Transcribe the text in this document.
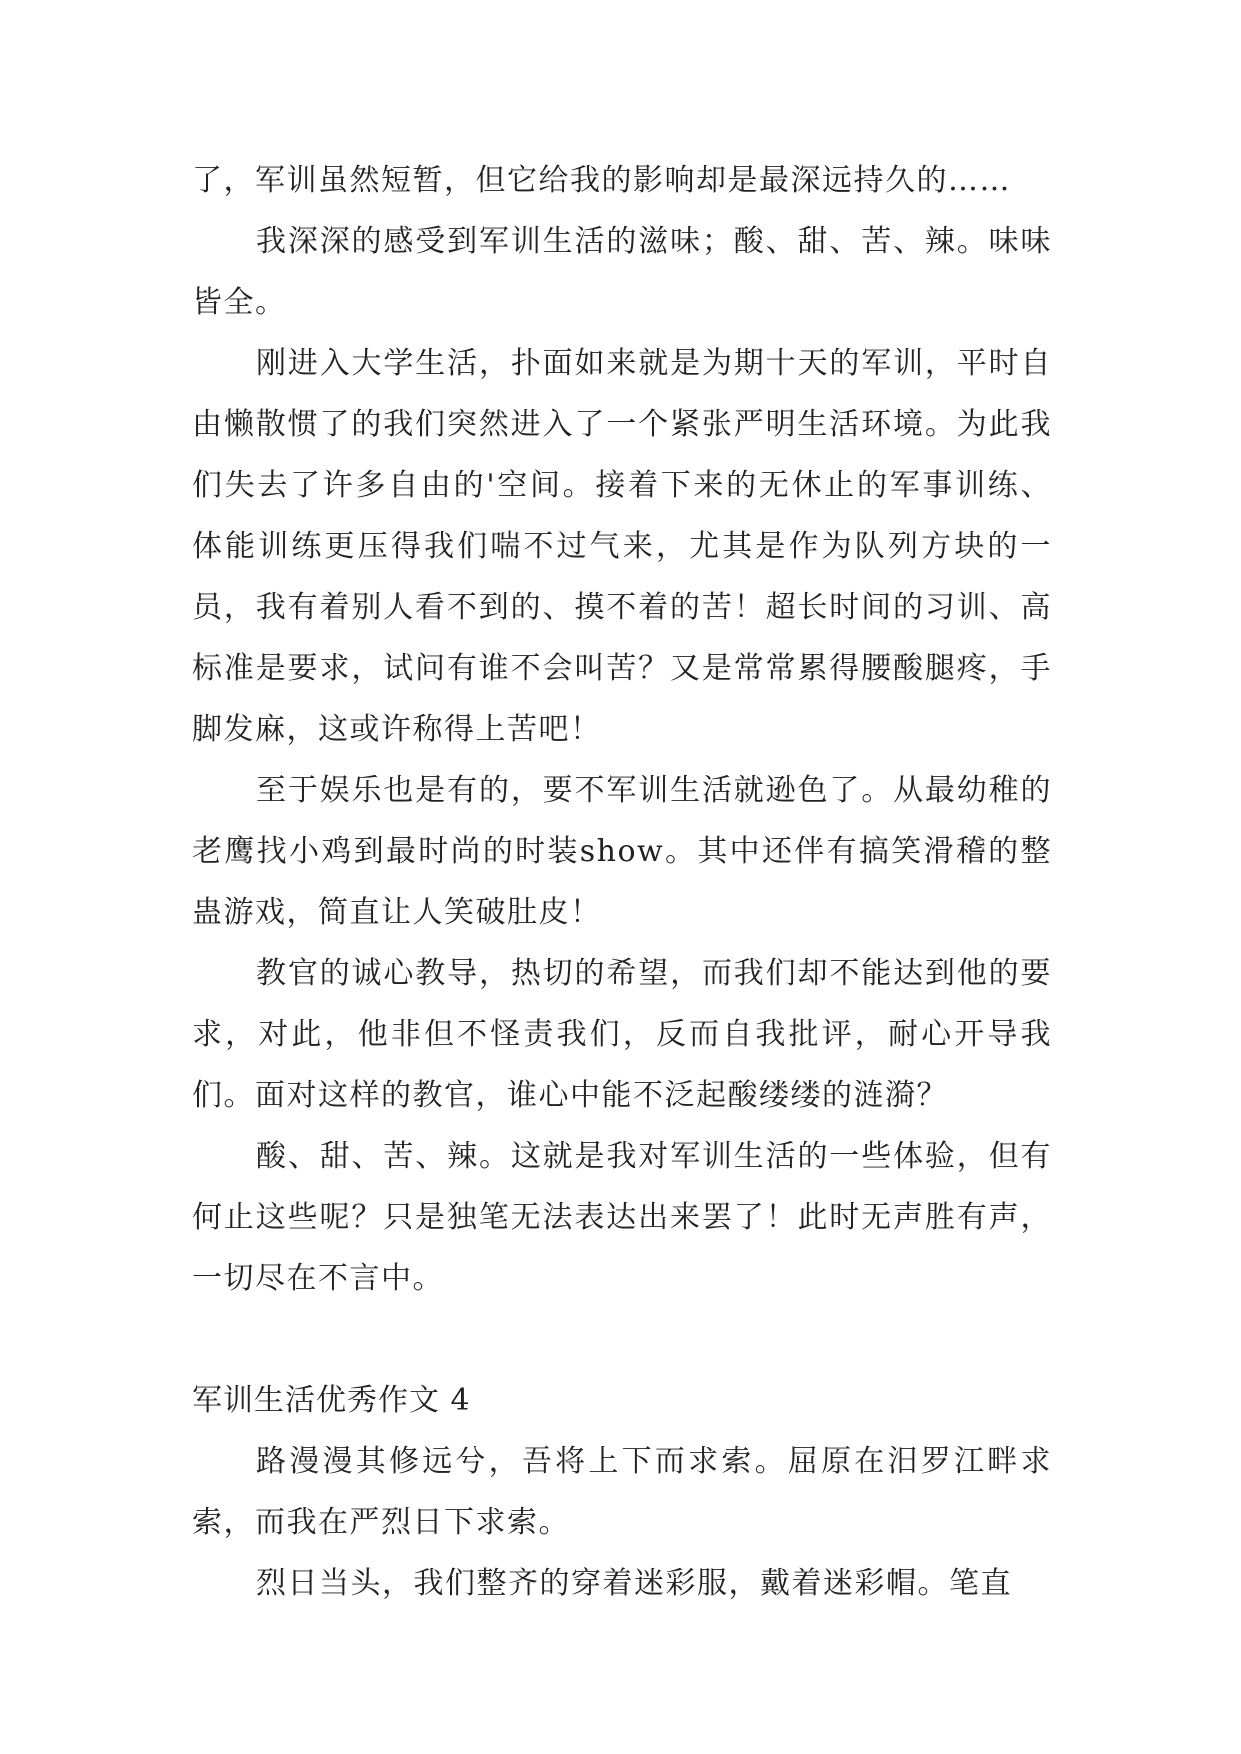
了，军训虽然短暂，但它给我的影响却是最深远持久的……

我深深的感受到军训生活的滋味；酸、甜、苦、辣。味味皆全。

刚进入大学生活，扑面如来就是为期十天的军训，平时自由懒散惯了的我们突然进入了一个紧张严明生活环境。为此我们失去了许多自由的'空间。接着下来的无休止的军事训练、体能训练更压得我们喘不过气来，尤其是作为队列方块的一员，我有着别人看不到的、摸不着的苦！超长时间的习训、高标准是要求，试问有谁不会叫苦？又是常常累得腰酸腿疼，手脚发麻，这或许称得上苦吧！

至于娱乐也是有的，要不军训生活就逊色了。从最幼稚的老鹰找小鸡到最时尚的时装show。其中还伴有搞笑滑稽的整蛊游戏，简直让人笑破肚皮！

教官的诚心教导，热切的希望，而我们却不能达到他的要求，对此，他非但不怪责我们，反而自我批评，耐心开导我们。面对这样的教官，谁心中能不泛起酸缕缕的涟漪？

酸、甜、苦、辣。这就是我对军训生活的一些体验，但有何止这些呢？只是独笔无法表达出来罢了！此时无声胜有声，一切尽在不言中。

军训生活优秀作文 4

路漫漫其修远兮，吾将上下而求索。屈原在汨罗江畔求索，而我在严烈日下求索。

烈日当头，我们整齐的穿着迷彩服，戴着迷彩帽。笔直
